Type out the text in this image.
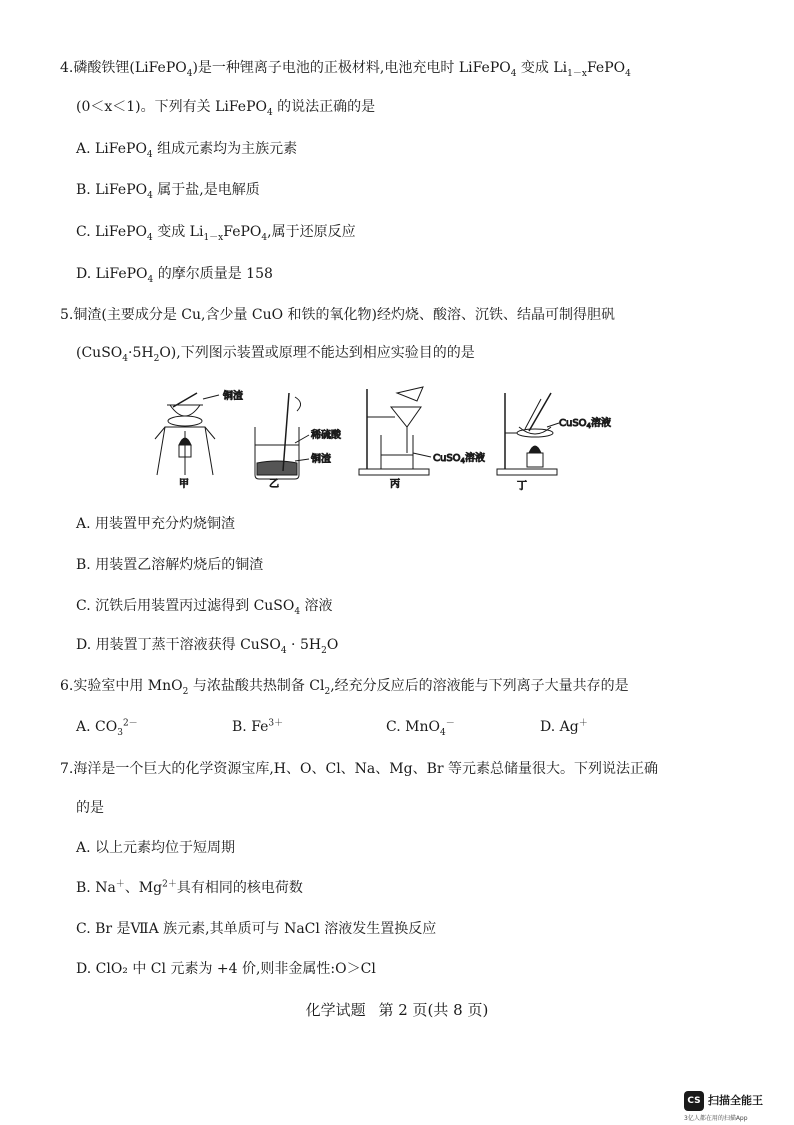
4.磷酸铁锂(LiFePO$_4$)是一种锂离子电池的正极材料,电池充电时 LiFePO$_4$ 变成 $Li_{1-x}FePO_4$
(0＜x＜1)。下列有关 LiFePO$_4$ 的说法正确的是
A. LiFePO$_4$ 组成元素均为主族元素
B. LiFePO$_4$ 属于盐,是电解质
C. LiFePO$_4$ 变成 $Li_{1-x}FePO_4$,属于还原反应
D. LiFePO$_4$ 的摩尔质量是 158
5.铜渣(主要成分是 Cu,含少量 CuO 和铁的氧化物)经灼烧、酸溶、沉铁、结晶可制得胆矾
$(CuSO_4\cdot 5H_2O)$,下列图示装置或原理不能达到相应实验目的的是
铜渣
甲
稀硫酸
铜渣
乙
CuSO$_4$溶液
丙
CuSO$_4$溶液
丁
A. 用装置甲充分灼烧铜渣
B. 用装置乙溶解灼烧后的铜渣
C. 沉铁后用装置丙过滤得到 CuSO$_4$ 溶液
D. 用装置丁蒸干溶液获得 CuSO$_4$ · $5H_2O$
6.实验室中用 MnO$_2$ 与浓盐酸共热制备 $Cl_2$,经充分反应后的溶液能与下列离子大量共存的是
A. $CO_3^{2-}$	B. $Fe^{3+}$	C. MnO$_4$－	D. Ag＋
7.海洋是一个巨大的化学资源宝库,H、O、Cl、Na、Mg、Br 等元素总储量很大。下列说法正确
的是
A. 以上元素均位于短周期
B. Na＋、$Mg^{2+}$具有相同的核电荷数
C. Br 是ⅦA 族元素,其单质可与 NaCl 溶液发生置换反应
D. ClO₂ 中 Cl 元素为 +4 价,则非金属性:O＞Cl
化学试题 第 2 页(共 8 页)
CS 扫描全能王
3亿人都在用的扫描App
